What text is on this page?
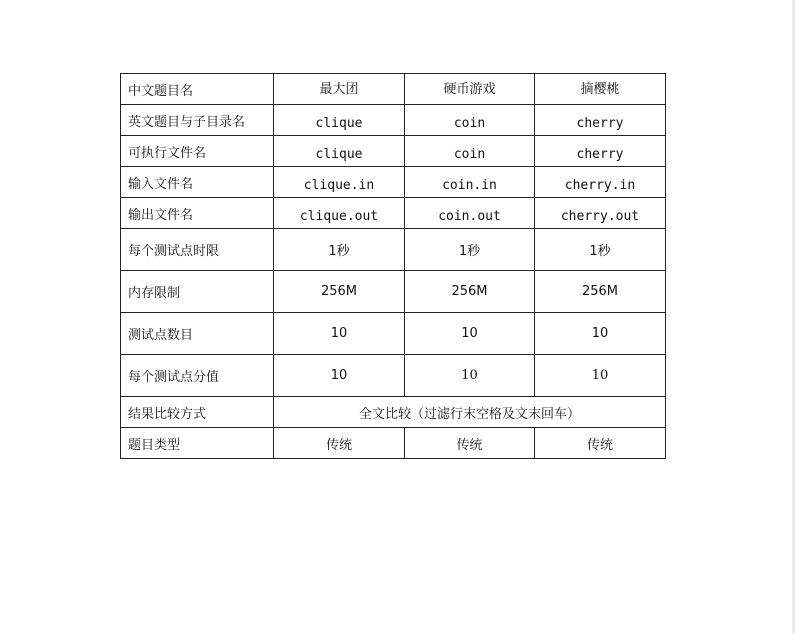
中文题目名	最大团	硬币游戏	摘樱桃
英文题目与子目录名	clique	coin	cherry
可执行文件名	clique	coin	cherry
输入文件名	clique.in	coin.in	cherry.in
输出文件名	clique.out	coin.out	cherry.out
每个测试点时限	1秒	1秒	1秒
内存限制	256M	256M	256M
测试点数目	10	10	10
每个测试点分值	10	10	10
结果比较方式	全文比较（过滤行末空格及文末回车）		
题目类型	传统	传统	传统
